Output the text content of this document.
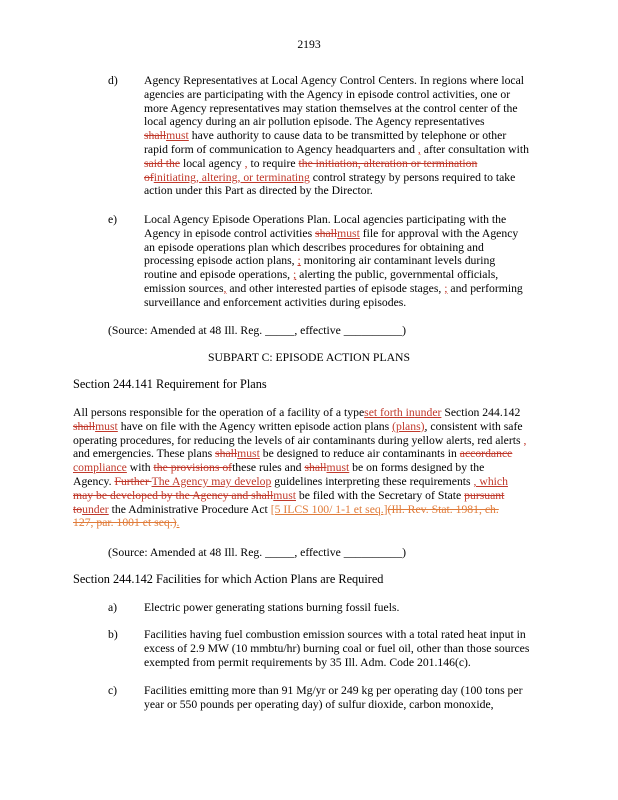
2193
d) Agency Representatives at Local Agency Control Centers. In regions where local
agencies are participating with the Agency in episode control activities, one or
more Agency representatives may station themselves at the control center of the
local agency during an air pollution episode. The Agency representatives
shallmust have authority to cause data to be transmitted by telephone or other
rapid form of communication to Agency headquarters and , after consultation with
said the local agency , to require the initiation, alteration or termination
ofinitiating, altering, or terminating control strategy by persons required to take
action under this Part as directed by the Director.
e) Local Agency Episode Operations Plan. Local agencies participating with the
Agency in episode control activities shallmust file for approval with the Agency
an episode operations plan which describes procedures for obtaining and
processing episode action plans, ; monitoring air contaminant levels during
routine and episode operations, ; alerting the public, governmental officials,
emission sources, and other interested parties of episode stages, ; and performing
surveillance and enforcement activities during episodes.
(Source: Amended at 48 Ill. Reg. _____, effective __________)
SUBPART C: EPISODE ACTION PLANS
Section 244.141 Requirement for Plans
All persons responsible for the operation of a facility of a typeset forth inunder Section 244.142
shallmust have on file with the Agency written episode action plans (plans), consistent with safe
operating procedures, for reducing the levels of air contaminants during yellow alerts, red alerts ,
and emergencies. These plans shallmust be designed to reduce air contaminants in accordance
compliance with the provisions ofthese rules and shallmust be on forms designed by the
Agency. Further The Agency may develop guidelines interpreting these requirements , which
may be developed by the Agency and shallmust be filed with the Secretary of State pursuant
tounder the Administrative Procedure Act [5 ILCS 100/ 1-1 et seq.](Ill. Rev. Stat. 1981, ch.
127, par. 1001 et seq.).
(Source: Amended at 48 Ill. Reg. _____, effective __________)
Section 244.142 Facilities for which Action Plans are Required
a) Electric power generating stations burning fossil fuels.
b) Facilities having fuel combustion emission sources with a total rated heat input in
excess of 2.9 MW (10 mmbtu/hr) burning coal or fuel oil, other than those sources
exempted from permit requirements by 35 Ill. Adm. Code 201.146(c).
c) Facilities emitting more than 91 Mg/yr or 249 kg per operating day (100 tons per
year or 550 pounds per operating day) of sulfur dioxide, carbon monoxide,
